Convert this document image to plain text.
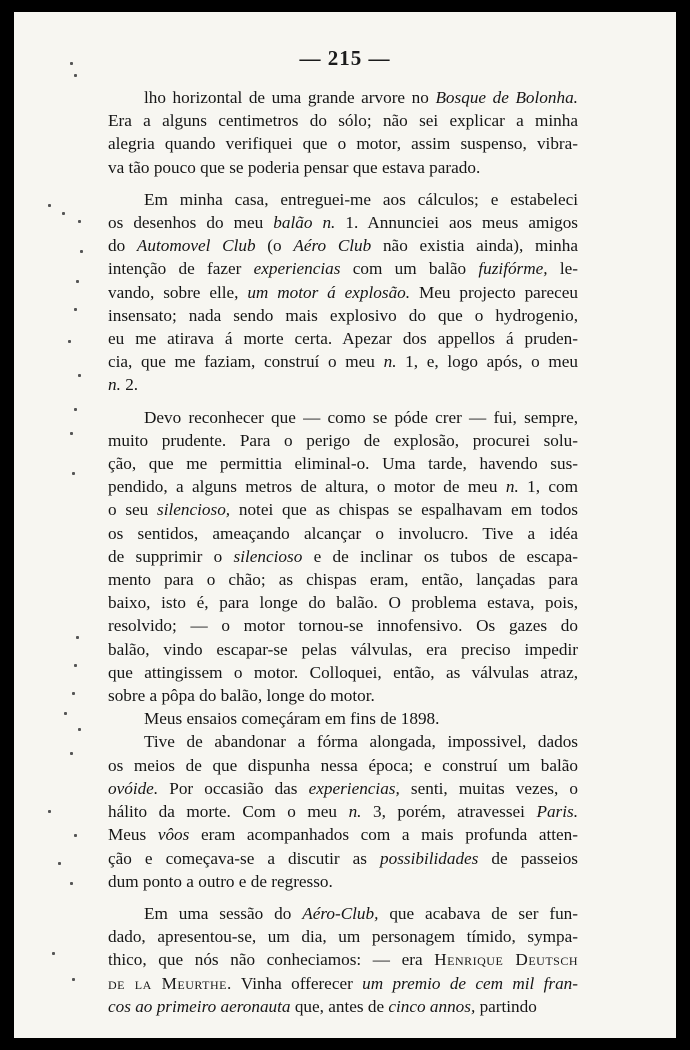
— 215 —
lho horizontal de uma grande arvore no Bosque de Bolonha.
Era a alguns centimetros do sólo; não sei explicar a minha
alegria quando verifiquei que o motor, assim suspenso, vibra-
va tão pouco que se poderia pensar que estava parado.
Em minha casa, entreguei-me aos cálculos; e estabeleci
os desenhos do meu balão n. 1. Annunciei aos meus amigos
do Automovel Club (o Aéro Club não existia ainda), minha
intenção de fazer experiencias com um balão fuzifórme, le-
vando, sobre elle, um motor á explosão. Meu projecto pareceu
insensato; nada sendo mais explosivo do que o hydrogenio,
eu me atirava á morte certa. Apezar dos appellos á pruden-
cia, que me faziam, construí o meu n. 1, e, logo após, o meu
n. 2.
Devo reconhecer que — como se póde crer — fui, sempre,
muito prudente. Para o perigo de explosão, procurei solu-
ção, que me permittia eliminal-o. Uma tarde, havendo sus-
pendido, a alguns metros de altura, o motor de meu n. 1, com
o seu silencioso, notei que as chispas se espalhavam em todos
os sentidos, ameaçando alcançar o involucro. Tive a idéa
de supprimir o silencioso e de inclinar os tubos de escapa-
mento para o chão; as chispas eram, então, lançadas para
baixo, isto é, para longe do balão. O problema estava, pois,
resolvido; — o motor tornou-se innofensivo. Os gazes do
balão, vindo escapar-se pelas válvulas, era preciso impedir
que attingissem o motor. Colloquei, então, as válvulas atraz,
sobre a pôpa do balão, longe do motor.
Meus ensaios começáram em fins de 1898.
Tive de abandonar a fórma alongada, impossivel, dados
os meios de que dispunha nessa época; e construí um balão
ovóide. Por occasião das experiencias, senti, muitas vezes, o
hálito da morte. Com o meu n. 3, porém, atravessei Paris.
Meus vôos eram acompanhados com a mais profunda atten-
ção e começava-se a discutir as possibilidades de passeios
dum ponto a outro e de regresso.
Em uma sessão do Aéro-Club, que acabava de ser fun-
dado, apresentou-se, um dia, um personagem tímido, sympa-
thico, que nós não conheciamos: — era Henrique Deutsch
de la Meurthe. Vinha offerecer um premio de cem mil fran-
cos ao primeiro aeronauta que, antes de cinco annos, partindo
